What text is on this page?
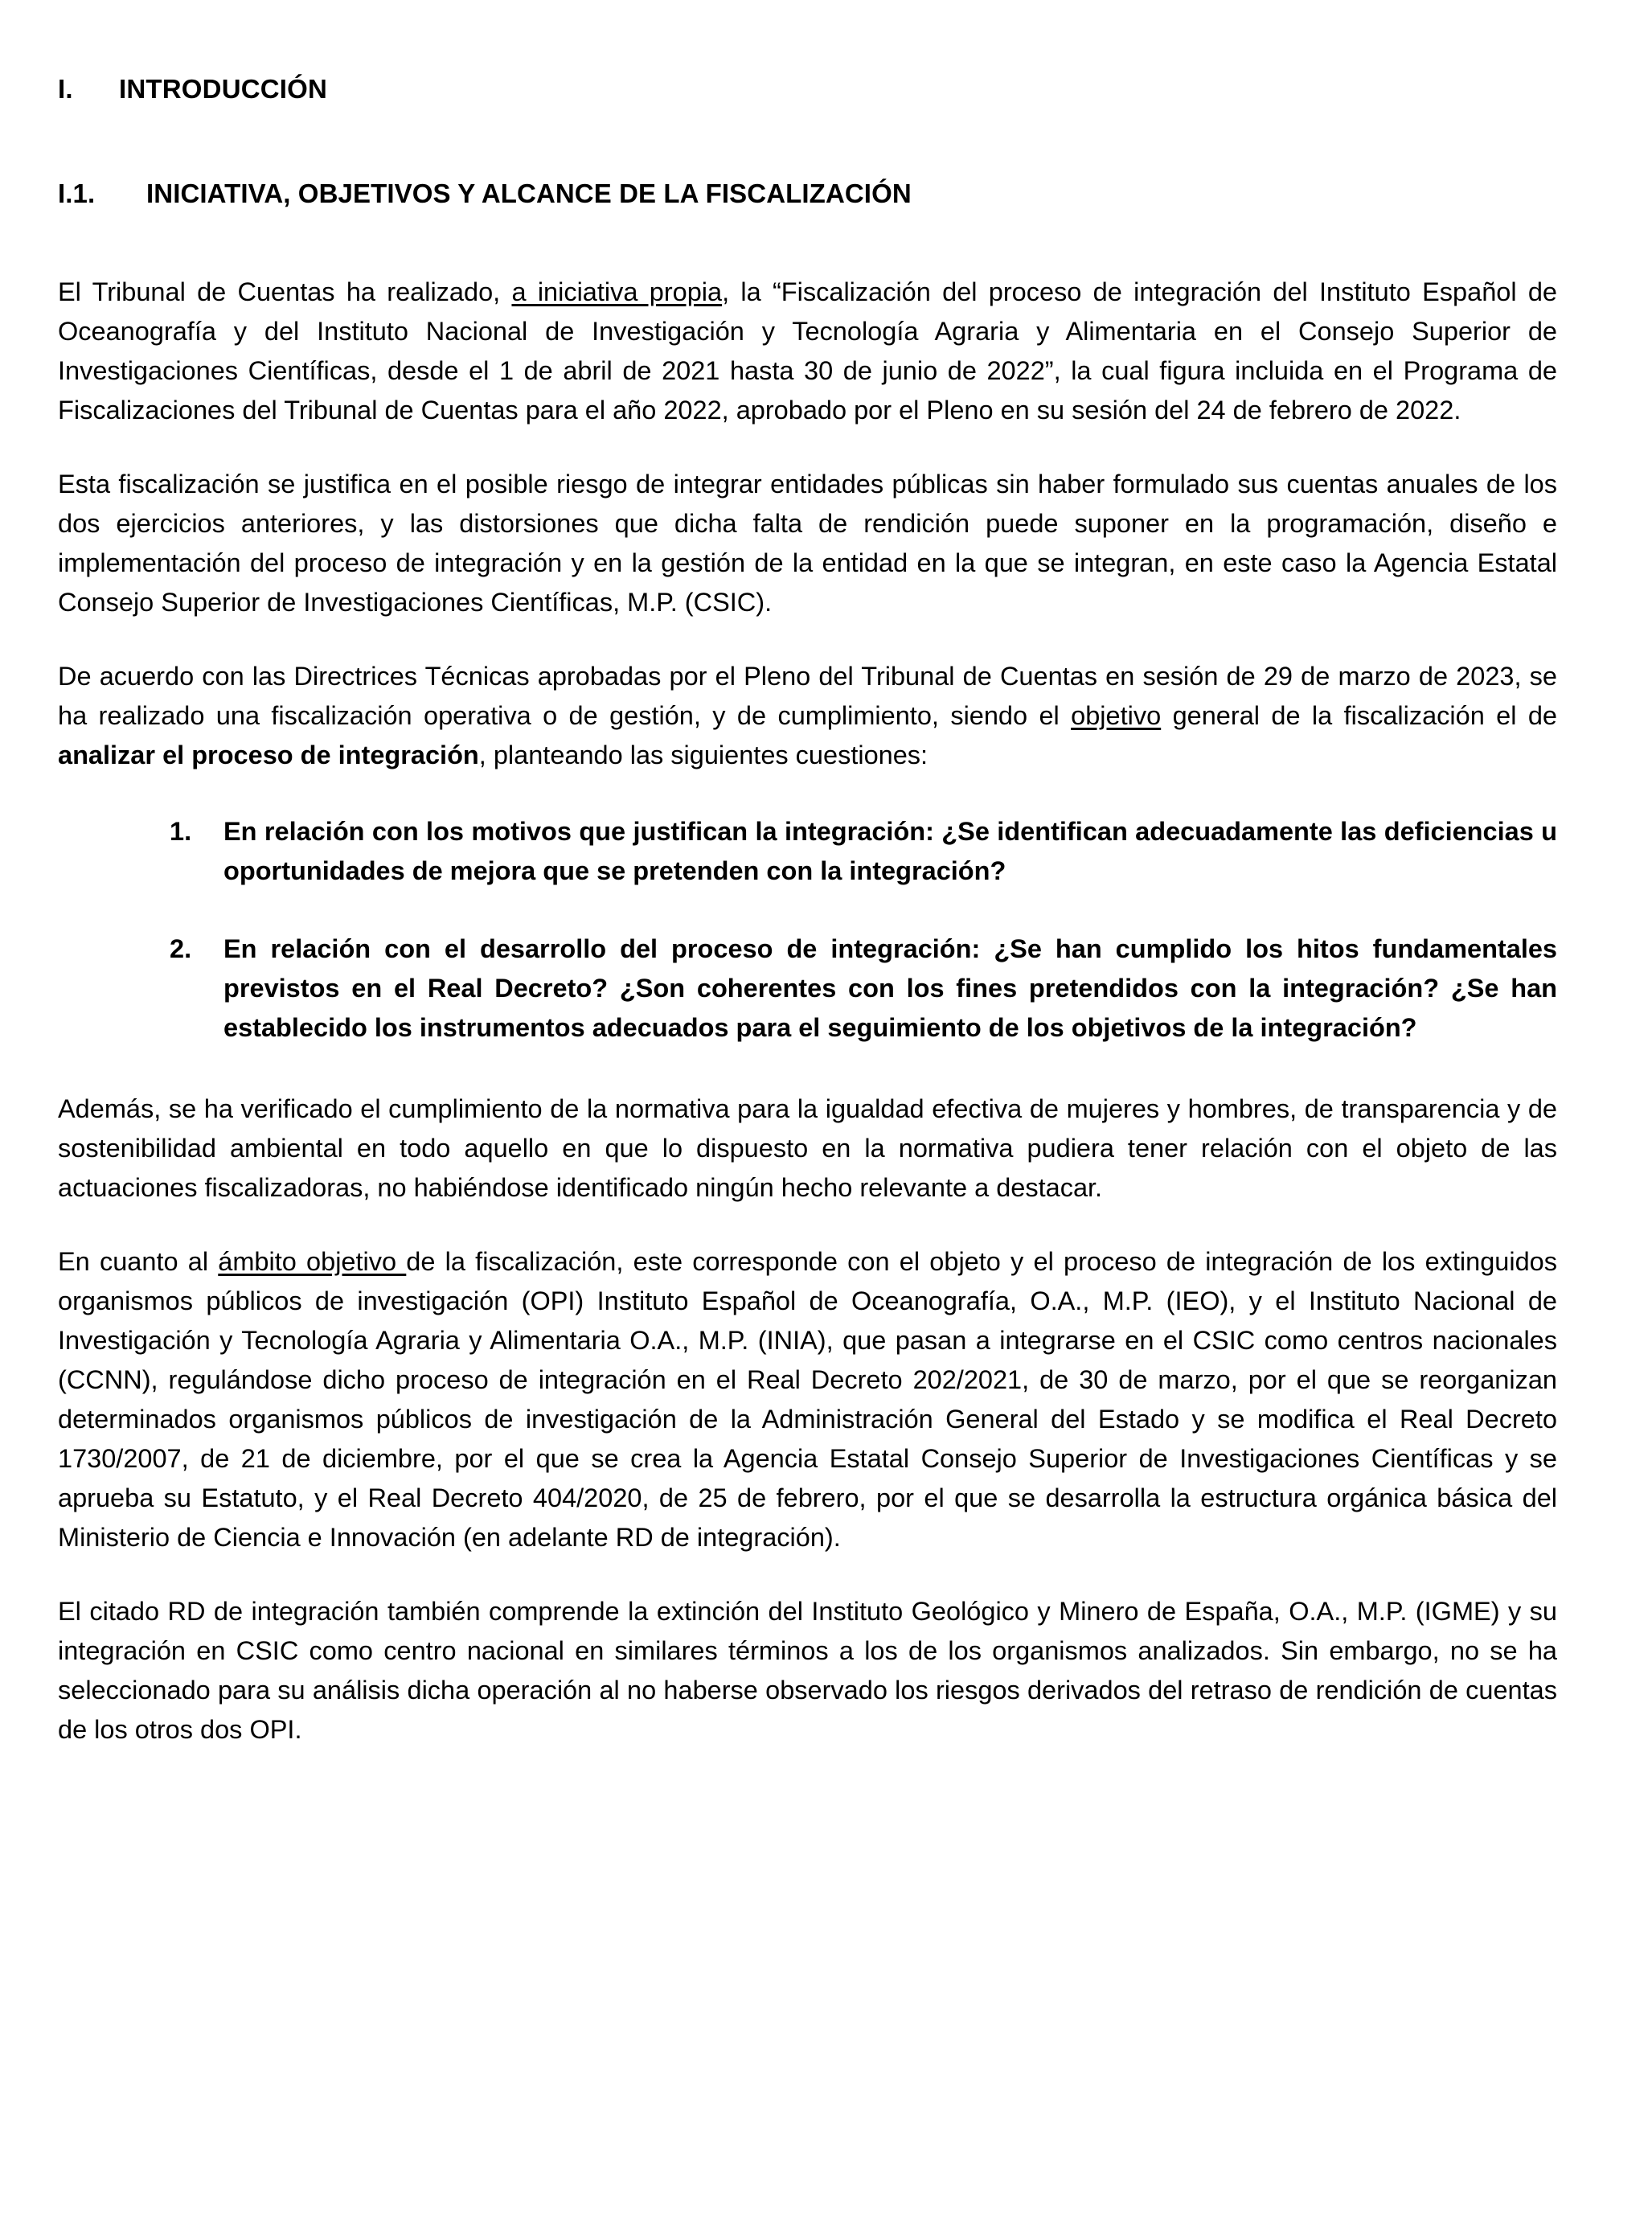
I.	INTRODUCCIÓN
I.1.	INICIATIVA, OBJETIVOS Y ALCANCE DE LA FISCALIZACIÓN

El Tribunal de Cuentas ha realizado, a iniciativa propia, la “Fiscalización del proceso de integración del Instituto Español de Oceanografía y del Instituto Nacional de Investigación y Tecnología Agraria y Alimentaria en el Consejo Superior de Investigaciones Científicas, desde el 1 de abril de 2021 hasta 30 de junio de 2022”, la cual figura incluida en el Programa de Fiscalizaciones del Tribunal de Cuentas para el año 2022, aprobado por el Pleno en su sesión del 24 de febrero de 2022.

Esta fiscalización se justifica en el posible riesgo de integrar entidades públicas sin haber formulado sus cuentas anuales de los dos ejercicios anteriores, y las distorsiones que dicha falta de rendición puede suponer en la programación, diseño e implementación del proceso de integración y en la gestión de la entidad en la que se integran, en este caso la Agencia Estatal Consejo Superior de Investigaciones Científicas, M.P. (CSIC).

De acuerdo con las Directrices Técnicas aprobadas por el Pleno del Tribunal de Cuentas en sesión de 29 de marzo de 2023, se ha realizado una fiscalización operativa o de gestión, y de cumplimiento, siendo el objetivo general de la fiscalización el de analizar el proceso de integración, planteando las siguientes cuestiones:

1. En relación con los motivos que justifican la integración: ¿Se identifican adecuadamente las deficiencias u oportunidades de mejora que se pretenden con la integración?
2. En relación con el desarrollo del proceso de integración: ¿Se han cumplido los hitos fundamentales previstos en el Real Decreto? ¿Son coherentes con los fines pretendidos con la integración? ¿Se han establecido los instrumentos adecuados para el seguimiento de los objetivos de la integración?

Además, se ha verificado el cumplimiento de la normativa para la igualdad efectiva de mujeres y hombres, de transparencia y de sostenibilidad ambiental en todo aquello en que lo dispuesto en la normativa pudiera tener relación con el objeto de las actuaciones fiscalizadoras, no habiéndose identificado ningún hecho relevante a destacar.

En cuanto al ámbito objetivo de la fiscalización, este corresponde con el objeto y el proceso de integración de los extinguidos organismos públicos de investigación (OPI) Instituto Español de Oceanografía, O.A., M.P. (IEO), y el Instituto Nacional de Investigación y Tecnología Agraria y Alimentaria O.A., M.P. (INIA), que pasan a integrarse en el CSIC como centros nacionales (CCNN), regulándose dicho proceso de integración en el Real Decreto 202/2021, de 30 de marzo, por el que se reorganizan determinados organismos públicos de investigación de la Administración General del Estado y se modifica el Real Decreto 1730/2007, de 21 de diciembre, por el que se crea la Agencia Estatal Consejo Superior de Investigaciones Científicas y se aprueba su Estatuto, y el Real Decreto 404/2020, de 25 de febrero, por el que se desarrolla la estructura orgánica básica del Ministerio de Ciencia e Innovación (en adelante RD de integración).

El citado RD de integración también comprende la extinción del Instituto Geológico y Minero de España, O.A., M.P. (IGME) y su integración en CSIC como centro nacional en similares términos a los de los organismos analizados. Sin embargo, no se ha seleccionado para su análisis dicha operación al no haberse observado los riesgos derivados del retraso de rendición de cuentas de los otros dos OPI.
